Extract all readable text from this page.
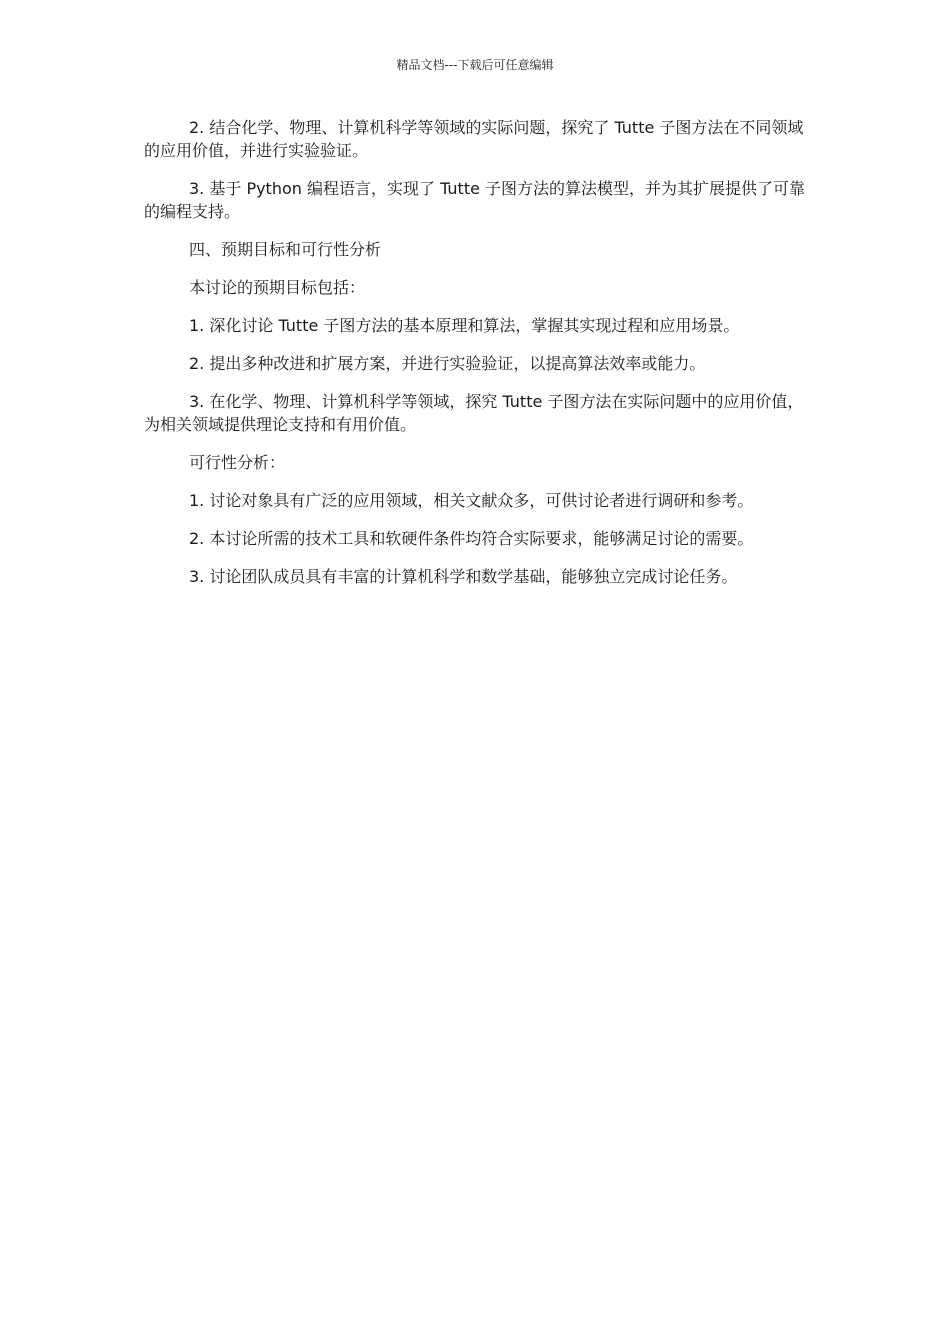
精品文档---下载后可任意编辑

2. 结合化学、物理、计算机科学等领域的实际问题，探究了 Tutte 子图方法在不同领域的应用价值，并进行实验验证。

3. 基于 Python 编程语言，实现了 Tutte 子图方法的算法模型，并为其扩展提供了可靠的编程支持。

四、预期目标和可行性分析

本讨论的预期目标包括：

1. 深化讨论 Tutte 子图方法的基本原理和算法，掌握其实现过程和应用场景。

2. 提出多种改进和扩展方案，并进行实验验证，以提高算法效率或能力。

3. 在化学、物理、计算机科学等领域，探究 Tutte 子图方法在实际问题中的应用价值，为相关领域提供理论支持和有用价值。

可行性分析：

1. 讨论对象具有广泛的应用领域，相关文献众多，可供讨论者进行调研和参考。

2. 本讨论所需的技术工具和软硬件条件均符合实际要求，能够满足讨论的需要。

3. 讨论团队成员具有丰富的计算机科学和数学基础，能够独立完成讨论任务。
